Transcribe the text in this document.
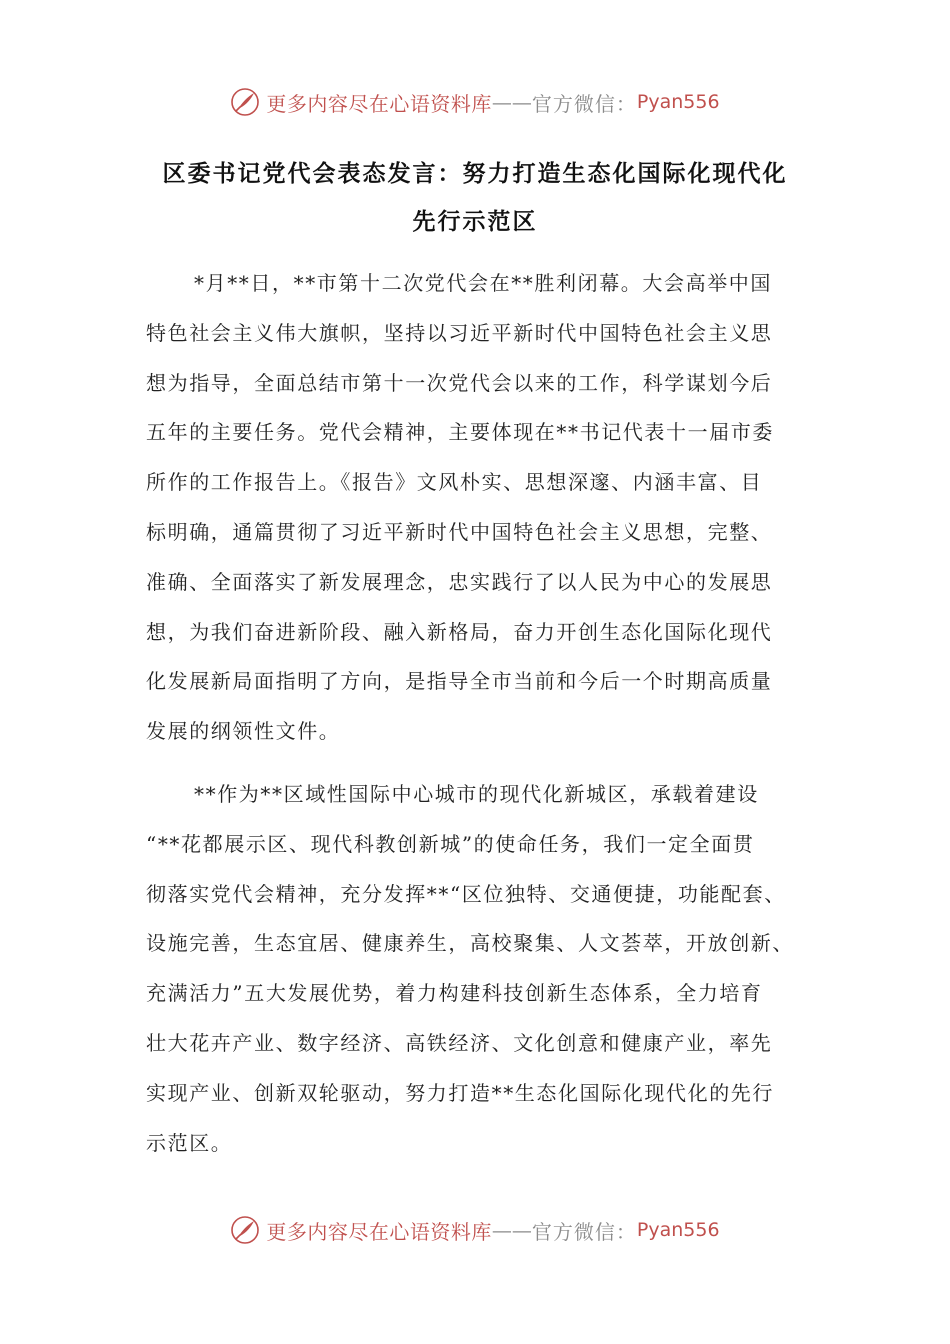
更多内容尽在心语资料库 —— 官方微信： Pyan556
区委书记党代会表态发言：努力打造生态化国际化现代化
先行示范区
*月**日，**市第十二次党代会在**胜利闭幕。大会高举中国
特色社会主义伟大旗帜，坚持以习近平新时代中国特色社会主义思
想为指导，全面总结市第十一次党代会以来的工作，科学谋划今后
五年的主要任务。党代会精神，主要体现在**书记代表十一届市委
所作的工作报告上。《报告》文风朴实、思想深邃、内涵丰富、目
标明确，通篇贯彻了习近平新时代中国特色社会主义思想，完整、
准确、全面落实了新发展理念，忠实践行了以人民为中心的发展思
想，为我们奋进新阶段、融入新格局，奋力开创生态化国际化现代
化发展新局面指明了方向，是指导全市当前和今后一个时期高质量
发展的纲领性文件。
**作为**区域性国际中心城市的现代化新城区，承载着建设
“**花都展示区、现代科教创新城”的使命任务，我们一定全面贯
彻落实党代会精神，充分发挥**“区位独特、交通便捷，功能配套、
设施完善，生态宜居、健康养生，高校聚集、人文荟萃，开放创新、
充满活力”五大发展优势，着力构建科技创新生态体系，全力培育
壮大花卉产业、数字经济、高铁经济、文化创意和健康产业，率先
实现产业、创新双轮驱动，努力打造**生态化国际化现代化的先行
示范区。
更多内容尽在心语资料库 —— 官方微信： Pyan556
